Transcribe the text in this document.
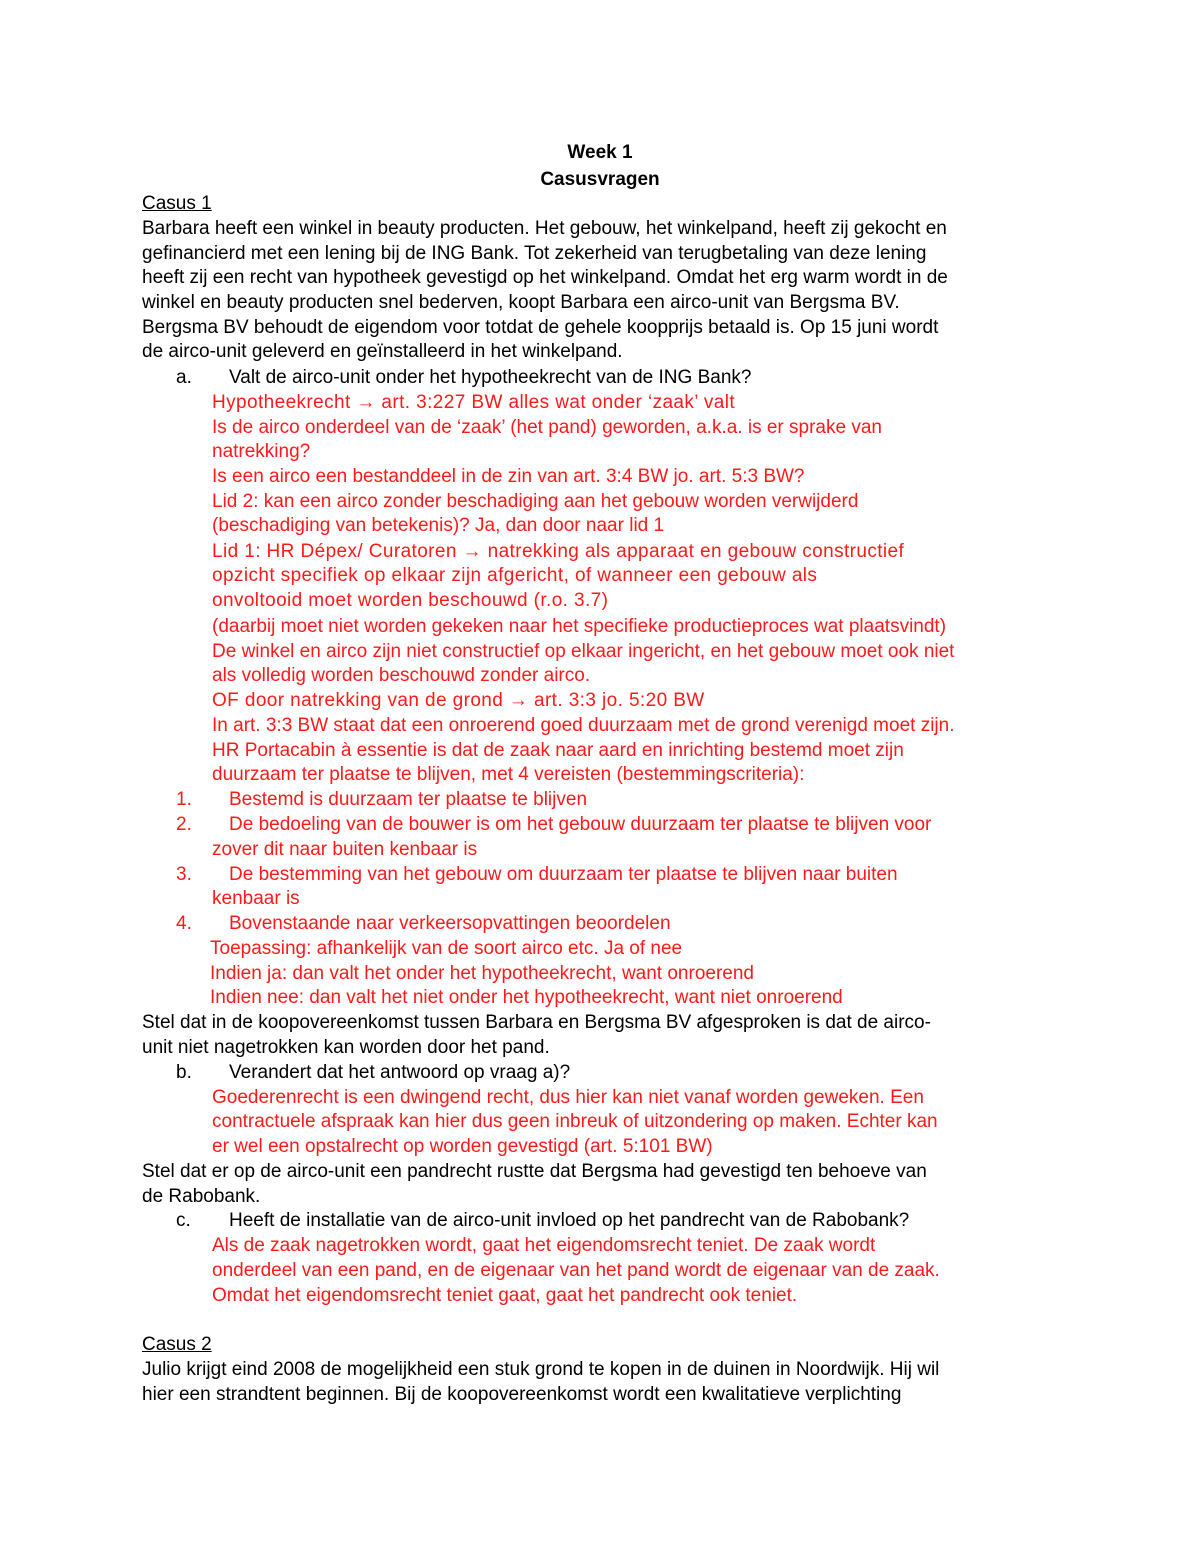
Week 1
Casusvragen
Casus 1
Barbara heeft een winkel in beauty producten. Het gebouw, het winkelpand, heeft zij gekocht en
gefinancierd met een lening bij de ING Bank. Tot zekerheid van terugbetaling van deze lening
heeft zij een recht van hypotheek gevestigd op het winkelpand. Omdat het erg warm wordt in de
winkel en beauty producten snel bederven, koopt Barbara een airco-unit van Bergsma BV.
Bergsma BV behoudt de eigendom voor totdat de gehele koopprijs betaald is. Op 15 juni wordt
de airco-unit geleverd en geïnstalleerd in het winkelpand.
a. Valt de airco-unit onder het hypotheekrecht van de ING Bank?
Hypotheekrecht → art. 3:227 BW alles wat onder ‘zaak’ valt
Is de airco onderdeel van de ‘zaak’ (het pand) geworden, a.k.a. is er sprake van
natrekking?
Is een airco een bestanddeel in de zin van art. 3:4 BW jo. art. 5:3 BW?
Lid 2: kan een airco zonder beschadiging aan het gebouw worden verwijderd
(beschadiging van betekenis)? Ja, dan door naar lid 1
Lid 1: HR Dépex/ Curatoren → natrekking als apparaat en gebouw constructief
opzicht specifiek op elkaar zijn afgericht, of wanneer een gebouw als
onvoltooid moet worden beschouwd (r.o. 3.7)
(daarbij moet niet worden gekeken naar het specifieke productieproces wat plaatsvindt)
De winkel en airco zijn niet constructief op elkaar ingericht, en het gebouw moet ook niet
als volledig worden beschouwd zonder airco.
OF door natrekking van de grond → art. 3:3 jo. 5:20 BW
In art. 3:3 BW staat dat een onroerend goed duurzaam met de grond verenigd moet zijn.
HR Portacabin à essentie is dat de zaak naar aard en inrichting bestemd moet zijn
duurzaam ter plaatse te blijven, met 4 vereisten (bestemmingscriteria):
1. Bestemd is duurzaam ter plaatse te blijven
2. De bedoeling van de bouwer is om het gebouw duurzaam ter plaatse te blijven voor
zover dit naar buiten kenbaar is
3. De bestemming van het gebouw om duurzaam ter plaatse te blijven naar buiten
kenbaar is
4. Bovenstaande naar verkeersopvattingen beoordelen
Toepassing: afhankelijk van de soort airco etc. Ja of nee
Indien ja: dan valt het onder het hypotheekrecht, want onroerend
Indien nee: dan valt het niet onder het hypotheekrecht, want niet onroerend
Stel dat in de koopovereenkomst tussen Barbara en Bergsma BV afgesproken is dat de airco-
unit niet nagetrokken kan worden door het pand.
b. Verandert dat het antwoord op vraag a)?
Goederenrecht is een dwingend recht, dus hier kan niet vanaf worden geweken. Een
contractuele afspraak kan hier dus geen inbreuk of uitzondering op maken. Echter kan
er wel een opstalrecht op worden gevestigd (art. 5:101 BW)
Stel dat er op de airco-unit een pandrecht rustte dat Bergsma had gevestigd ten behoeve van
de Rabobank.
c. Heeft de installatie van de airco-unit invloed op het pandrecht van de Rabobank?
Als de zaak nagetrokken wordt, gaat het eigendomsrecht teniet. De zaak wordt
onderdeel van een pand, en de eigenaar van het pand wordt de eigenaar van de zaak.
Omdat het eigendomsrecht teniet gaat, gaat het pandrecht ook teniet.
Casus 2
Julio krijgt eind 2008 de mogelijkheid een stuk grond te kopen in de duinen in Noordwijk. Hij wil
hier een strandtent beginnen. Bij de koopovereenkomst wordt een kwalitatieve verplichting
